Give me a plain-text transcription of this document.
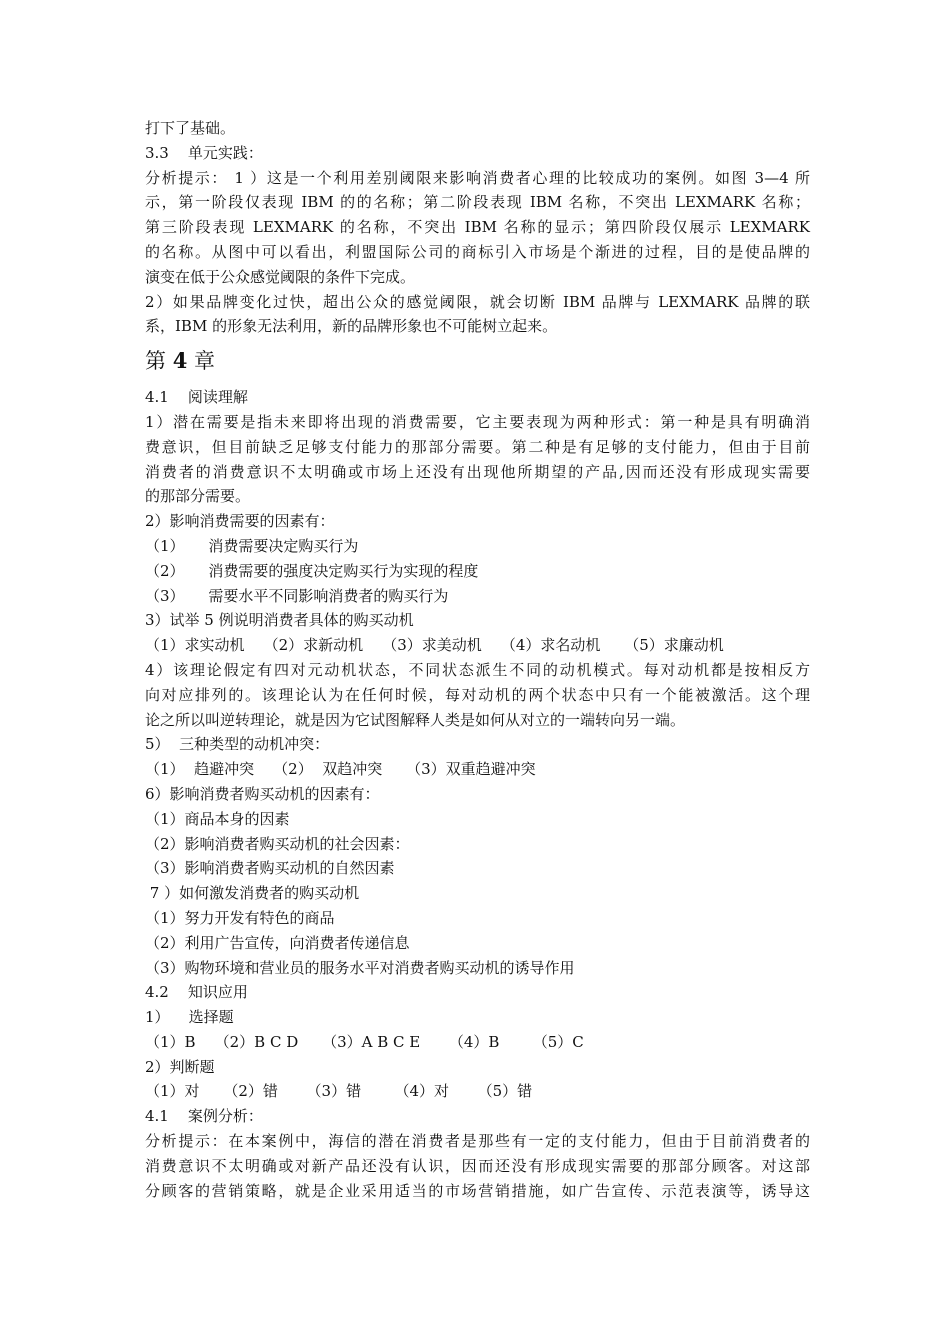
打下了基础。
3.3    单元实践：
分析提示： 1 ）这是一个利用差别阈限来影响消费者心理的比较成功的案例。如图 3—4 所
示，第一阶段仅表现 IBM 的的名称；第二阶段表现 IBM 名称，不突出 LEXMARK 名称；
第三阶段表现 LEXMARK 的名称，不突出 IBM 名称的显示；第四阶段仅展示 LEXMARK
的名称。从图中可以看出，利盟国际公司的商标引入市场是个渐进的过程，目的是使品牌的
演变在低于公众感觉阈限的条件下完成。
2）如果品牌变化过快，超出公众的感觉阈限，就会切断 IBM 品牌与 LEXMARK 品牌的联
系，IBM 的形象无法利用，新的品牌形象也不可能树立起来。
第 4 章
4.1    阅读理解
1）潜在需要是指未来即将出现的消费需要，它主要表现为两种形式：第一种是具有明确消
费意识，但目前缺乏足够支付能力的那部分需要。第二种是有足够的支付能力，但由于目前
消费者的消费意识不太明确或市场上还没有出现他所期望的产品,因而还没有形成现实需要
的那部分需要。
2）影响消费需要的因素有：
（1）     消费需要决定购买行为
（2）     消费需要的强度决定购买行为实现的程度
（3）     需要水平不同影响消费者的购买行为
3）试举 5 例说明消费者具体的购买动机
（1）求实动机    （2）求新动机    （3）求美动机    （4）求名动机     （5）求廉动机
4）该理论假定有四对元动机状态，不同状态派生不同的动机模式。每对动机都是按相反方
向对应排列的。该理论认为在任何时候，每对动机的两个状态中只有一个能被激活。这个理
论之所以叫逆转理论，就是因为它试图解释人类是如何从对立的一端转向另一端。
5）  三种类型的动机冲突：
（1）  趋避冲突    （2）  双趋冲突     （3）双重趋避冲突
6）影响消费者购买动机的因素有：
（1）商品本身的因素
（2）影响消费者购买动机的社会因素：
（3）影响消费者购买动机的自然因素
7 ）如何激发消费者的购买动机
（1）努力开发有特色的商品
（2）利用广告宣传，向消费者传递信息
（3）购物环境和营业员的服务水平对消费者购买动机的诱导作用
4.2    知识应用
1）    选择题
（1）B    （2）B C D     （3）A B C E      （4）B       （5）C
2）判断题
（1）对     （2）错      （3）错       （4）对      （5）错
4.1    案例分析：
分析提示：在本案例中，海信的潜在消费者是那些有一定的支付能力，但由于目前消费者的
消费意识不太明确或对新产品还没有认识，因而还没有形成现实需要的那部分顾客。对这部
分顾客的营销策略，就是企业采用适当的市场营销措施，如广告宣传、示范表演等，诱导这
